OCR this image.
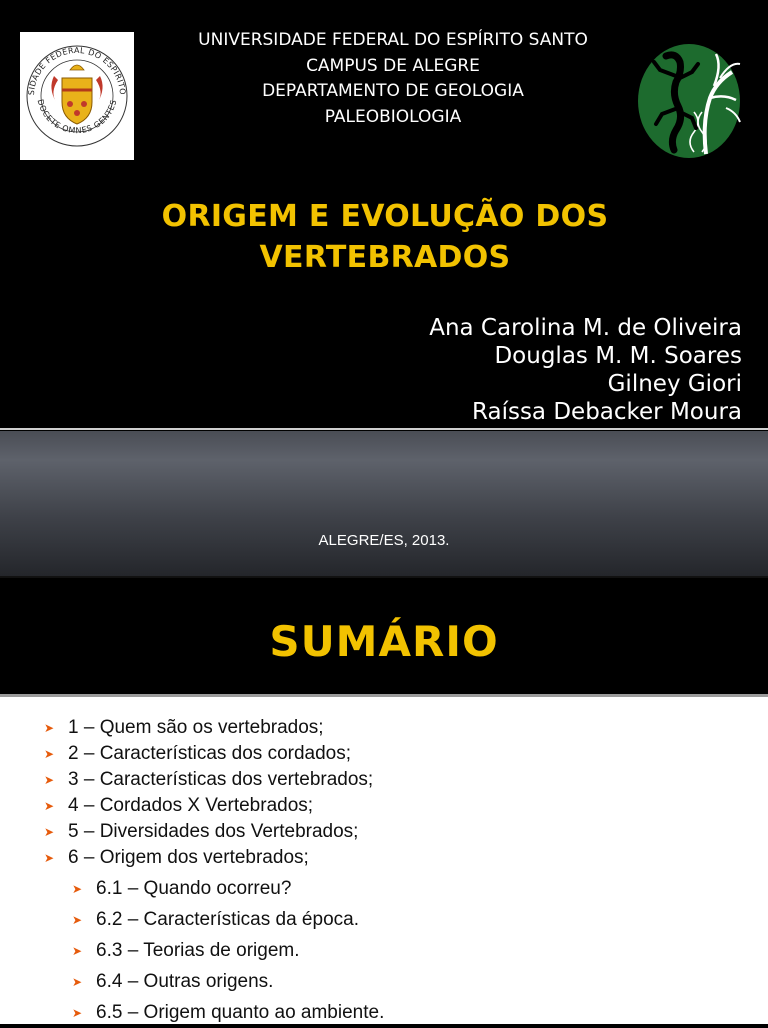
SIDADE FEDERAL DO ESPIRITO
DOCETE OMNES GENTES
UNIVERSIDADE FEDERAL DO ESPÍRITO SANTO
CAMPUS DE ALEGRE
DEPARTAMENTO DE GEOLOGIA
PALEOBIOLOGIA
ORIGEM E EVOLUÇÃO DOS
VERTEBRADOS
Ana Carolina M. de Oliveira
Douglas M. M. Soares
Gilney Giori
Raíssa Debacker Moura
ALEGRE/ES, 2013.
SUMÁRIO
➤ 1 – Quem são os vertebrados;
➤ 2 – Características dos cordados;
➤ 3 – Características dos vertebrados;
➤ 4 – Cordados X Vertebrados;
➤ 5 – Diversidades dos Vertebrados;
➤ 6 – Origem dos vertebrados;
➤ 6.1 – Quando ocorreu?
➤ 6.2 – Características da época.
➤ 6.3 – Teorias de origem.
➤ 6.4 – Outras origens.
➤ 6.5 – Origem quanto ao ambiente.
